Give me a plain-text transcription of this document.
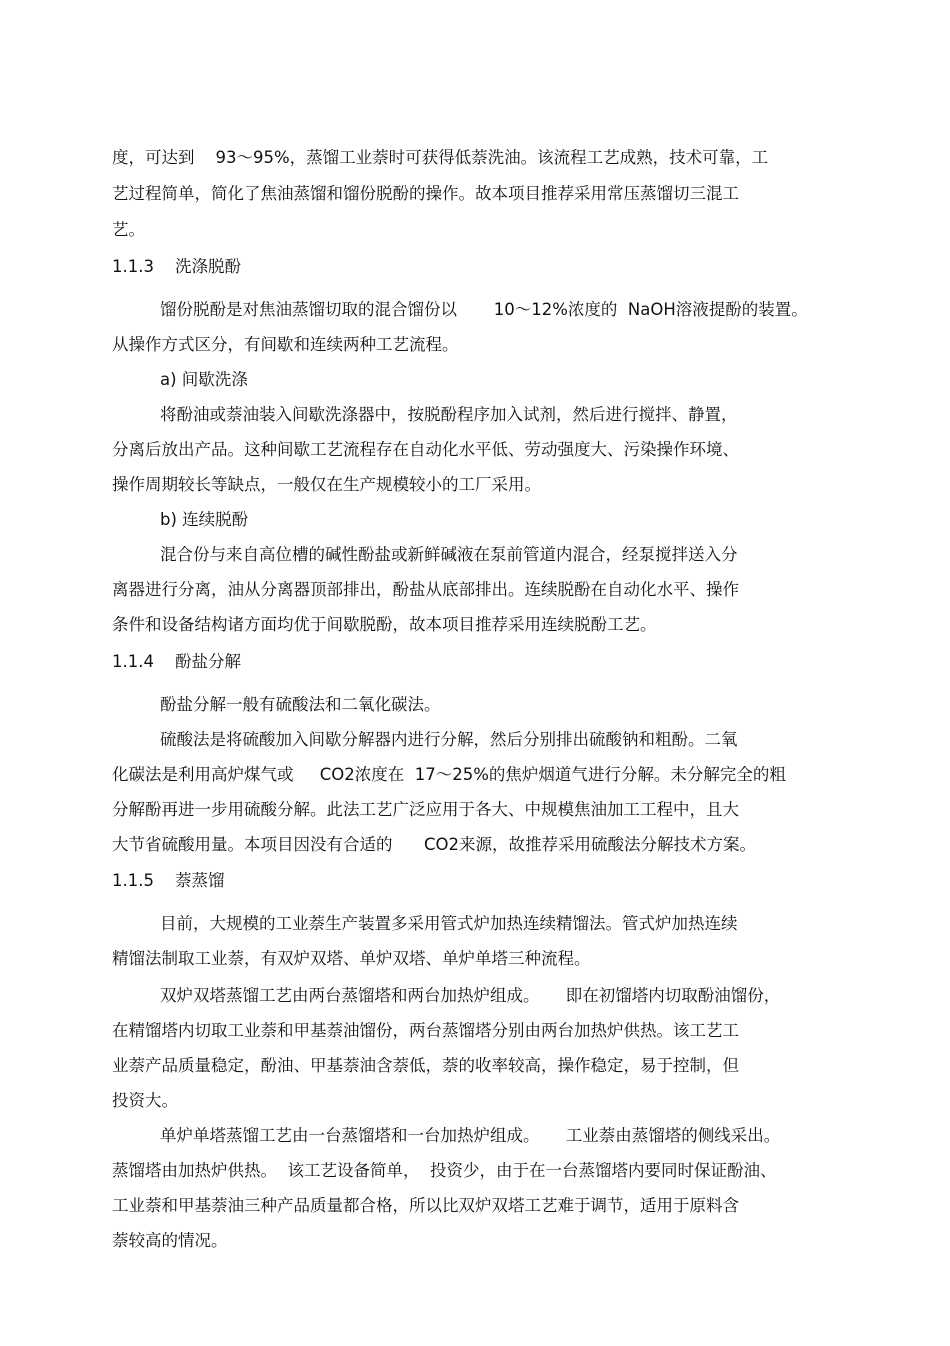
度，可达到    93～95%，蒸馏工业萘时可获得低萘洗油。该流程工艺成熟，技术可靠，工
艺过程简单，简化了焦油蒸馏和馏份脱酚的操作。故本项目推荐采用常压蒸馏切三混工
艺。
1.1.3    洗涤脱酚
馏份脱酚是对焦油蒸馏切取的混合馏份以       10～12%浓度的  NaOH溶液提酚的装置。
从操作方式区分，有间歇和连续两种工艺流程。
a) 间歇洗涤
将酚油或萘油装入间歇洗涤器中，按脱酚程序加入试剂，然后进行搅拌、静置，
分离后放出产品。这种间歇工艺流程存在自动化水平低、劳动强度大、污染操作环境、
操作周期较长等缺点，一般仅在生产规模较小的工厂采用。
b) 连续脱酚
混合份与来自高位槽的碱性酚盐或新鲜碱液在泵前管道内混合，经泵搅拌送入分
离器进行分离，油从分离器顶部排出，酚盐从底部排出。连续脱酚在自动化水平、操作
条件和设备结构诸方面均优于间歇脱酚，故本项目推荐采用连续脱酚工艺。
1.1.4    酚盐分解
酚盐分解一般有硫酸法和二氧化碳法。
硫酸法是将硫酸加入间歇分解器内进行分解，然后分别排出硫酸钠和粗酚。二氧
化碳法是利用高炉煤气或     CO2浓度在  17～25%的焦炉烟道气进行分解。未分解完全的粗
分解酚再进一步用硫酸分解。此法工艺广泛应用于各大、中规模焦油加工工程中，且大
大节省硫酸用量。本项目因没有合适的      CO2来源，故推荐采用硫酸法分解技术方案。
1.1.5    萘蒸馏
目前，大规模的工业萘生产装置多采用管式炉加热连续精馏法。管式炉加热连续
精馏法制取工业萘，有双炉双塔、单炉双塔、单炉单塔三种流程。
双炉双塔蒸馏工艺由两台蒸馏塔和两台加热炉组成。     即在初馏塔内切取酚油馏份，
在精馏塔内切取工业萘和甲基萘油馏份，两台蒸馏塔分别由两台加热炉供热。该工艺工
业萘产品质量稳定，酚油、甲基萘油含萘低，萘的收率较高，操作稳定，易于控制，但
投资大。
单炉单塔蒸馏工艺由一台蒸馏塔和一台加热炉组成。     工业萘由蒸馏塔的侧线采出。
蒸馏塔由加热炉供热。  该工艺设备简单，  投资少，由于在一台蒸馏塔内要同时保证酚油、
工业萘和甲基萘油三种产品质量都合格，所以比双炉双塔工艺难于调节，适用于原料含
萘较高的情况。
